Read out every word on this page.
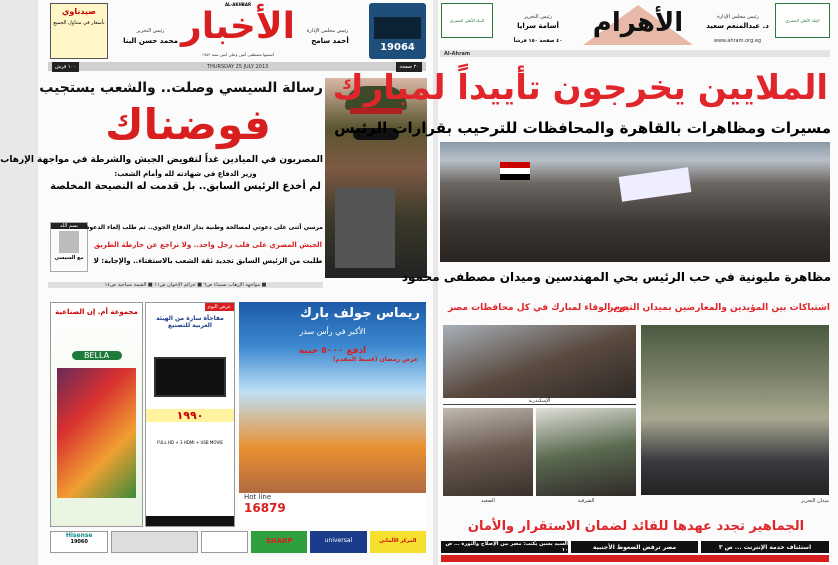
صيدناوي
بأسعار في متناول الجميع
AL-AKHBAR
الأخبار
أسسها مصطفى أمين وعلي أمين سنة ١٩٥٢
رئيس التحرير
محمد حسن البنا
رئيس مجلس الإدارة
أحمد سامح
19064
٢٠ صفحة
THURSDAY 25 JULY 2013
١٠٠ قرش
رسالة السيسي وصلت.. والشعب يستجيب
فوضناك
المصريون في الميادين غداً لتفويض الجيش والشرطة في مواجهة الإرهاب
وزير الدفاع في شهادته لله وأمام الشعب:
لم أخدع الرئيس السابق.. بل قدمت له النصيحة المخلصة
بسم الله
مع السيسي
مرسي أثنى على دعوتي لمصالحة وطنية بدار الدفاع الجوي.. ثم طلب إلغاء الدعوة
الجيش المصري على قلب رجل واحد.. ولا تراجع عن خارطة الطريق
طلبت من الرئيس السابق تجديد ثقة الشعب بالاستفتاء.. والإجابة: لا
■ مواجهة الإرهاب بسيناء ص٦ ■ جرائم الإخوان ص١١ ■ القيمة سياحية ص١٤
مجموعة أم. إن الصناعية
BELLA
عرض اليوم
مفاجأة سارة من الهيئة العربية للتصنيع
١٩٩٠
FULL HD + 3 HDMI + USB MOVIE
ريماس جولف بارك
الأكبر في رأس سدر
ادفع ٥٠٠٠ جنيه
عرض رمضان (قسط المقدم)
Hot line
16879
Hisense
19060	SHARP	universal	المركز الألماني
البنك الأهلي المصري	البنك الأهلي المصري
الأهرام
رئيس التحرير
أسامة سرايا
٤٠ صفحة ١٥٠ قرشاً
رئيس مجلس الإدارة
د. عبدالمنعم سعيد
www.ahram.org.eg
Al-Ahram
الملايين يخرجون تأييداً لمبارك
مسيرات ومظاهرات بالقاهرة والمحافظات للترحيب بقرارات الرئيس
مظاهرة مليونية في حب الرئيس بحي المهندسين وميدان مصطفى محمود
يوم الوفاء لمبارك في كل محافظات مصر
اشتباكات بين المؤيدين والمعارضين بميدان التحرير
الإسكندرية
الصعيد	الشرقية	ميدان التحرير
الجماهير تجدد عهدها للقائد لضمان الاستقرار والأمان
استئناف خدمة الإنترنت ... ص ٣
مصر ترفض الضغوط الأجنبية
السيد يسين يكتب: مصر بين الإصلاح والثورة ... ص ١٠
